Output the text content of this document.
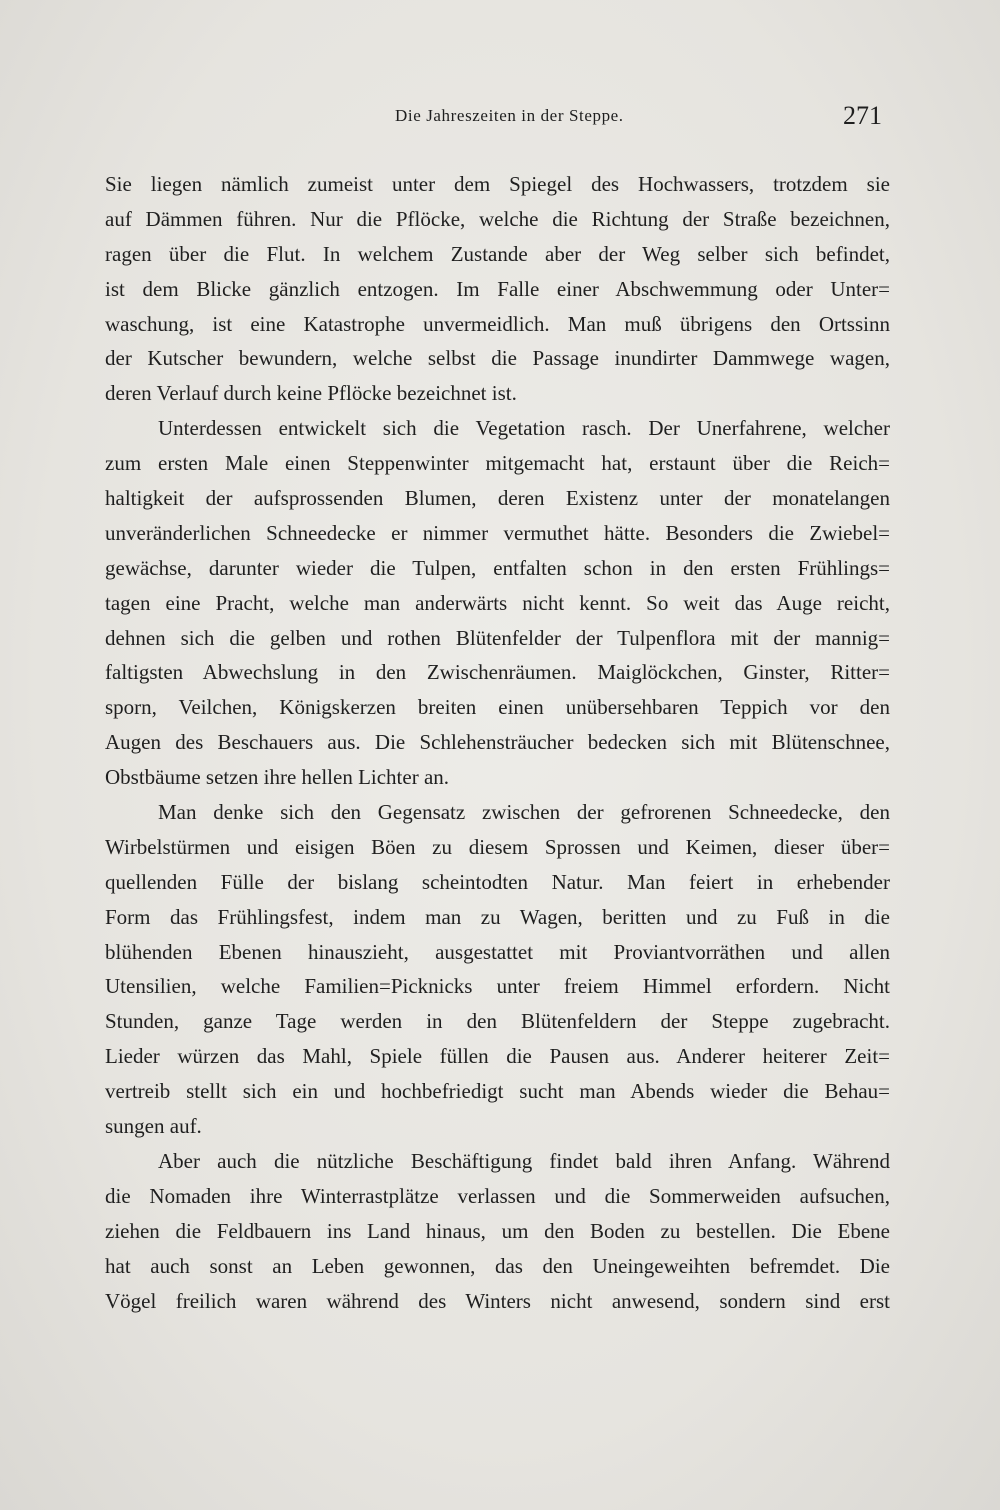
Die Jahreszeiten in der Steppe.	271
Sie liegen nämlich zumeist unter dem Spiegel des Hochwassers, trotzdem sie
auf Dämmen führen. Nur die Pflöcke, welche die Richtung der Straße bezeichnen,
ragen über die Flut. In welchem Zustande aber der Weg selber sich befindet,
ist dem Blicke gänzlich entzogen. Im Falle einer Abschwemmung oder Unter=
waschung, ist eine Katastrophe unvermeidlich. Man muß übrigens den Ortssinn
der Kutscher bewundern, welche selbst die Passage inundirter Dammwege wagen,
deren Verlauf durch keine Pflöcke bezeichnet ist.
Unterdessen entwickelt sich die Vegetation rasch. Der Unerfahrene, welcher
zum ersten Male einen Steppenwinter mitgemacht hat, erstaunt über die Reich=
haltigkeit der aufsprossenden Blumen, deren Existenz unter der monatelangen
unveränderlichen Schneedecke er nimmer vermuthet hätte. Besonders die Zwiebel=
gewächse, darunter wieder die Tulpen, entfalten schon in den ersten Frühlings=
tagen eine Pracht, welche man anderwärts nicht kennt. So weit das Auge reicht,
dehnen sich die gelben und rothen Blütenfelder der Tulpenflora mit der mannig=
faltigsten Abwechslung in den Zwischenräumen. Maiglöckchen, Ginster, Ritter=
sporn, Veilchen, Königskerzen breiten einen unübersehbaren Teppich vor den
Augen des Beschauers aus. Die Schlehensträucher bedecken sich mit Blütenschnee,
Obstbäume setzen ihre hellen Lichter an.
Man denke sich den Gegensatz zwischen der gefrorenen Schneedecke, den
Wirbelstürmen und eisigen Böen zu diesem Sprossen und Keimen, dieser über=
quellenden Fülle der bislang scheintodten Natur. Man feiert in erhebender
Form das Frühlingsfest, indem man zu Wagen, beritten und zu Fuß in die
blühenden Ebenen hinauszieht, ausgestattet mit Proviantvorräthen und allen
Utensilien, welche Familien=Picknicks unter freiem Himmel erfordern. Nicht
Stunden, ganze Tage werden in den Blütenfeldern der Steppe zugebracht.
Lieder würzen das Mahl, Spiele füllen die Pausen aus. Anderer heiterer Zeit=
vertreib stellt sich ein und hochbefriedigt sucht man Abends wieder die Behau=
sungen auf.
Aber auch die nützliche Beschäftigung findet bald ihren Anfang. Während
die Nomaden ihre Winterrastplätze verlassen und die Sommerweiden aufsuchen,
ziehen die Feldbauern ins Land hinaus, um den Boden zu bestellen. Die Ebene
hat auch sonst an Leben gewonnen, das den Uneingeweihten befremdet. Die
Vögel freilich waren während des Winters nicht anwesend, sondern sind erst
